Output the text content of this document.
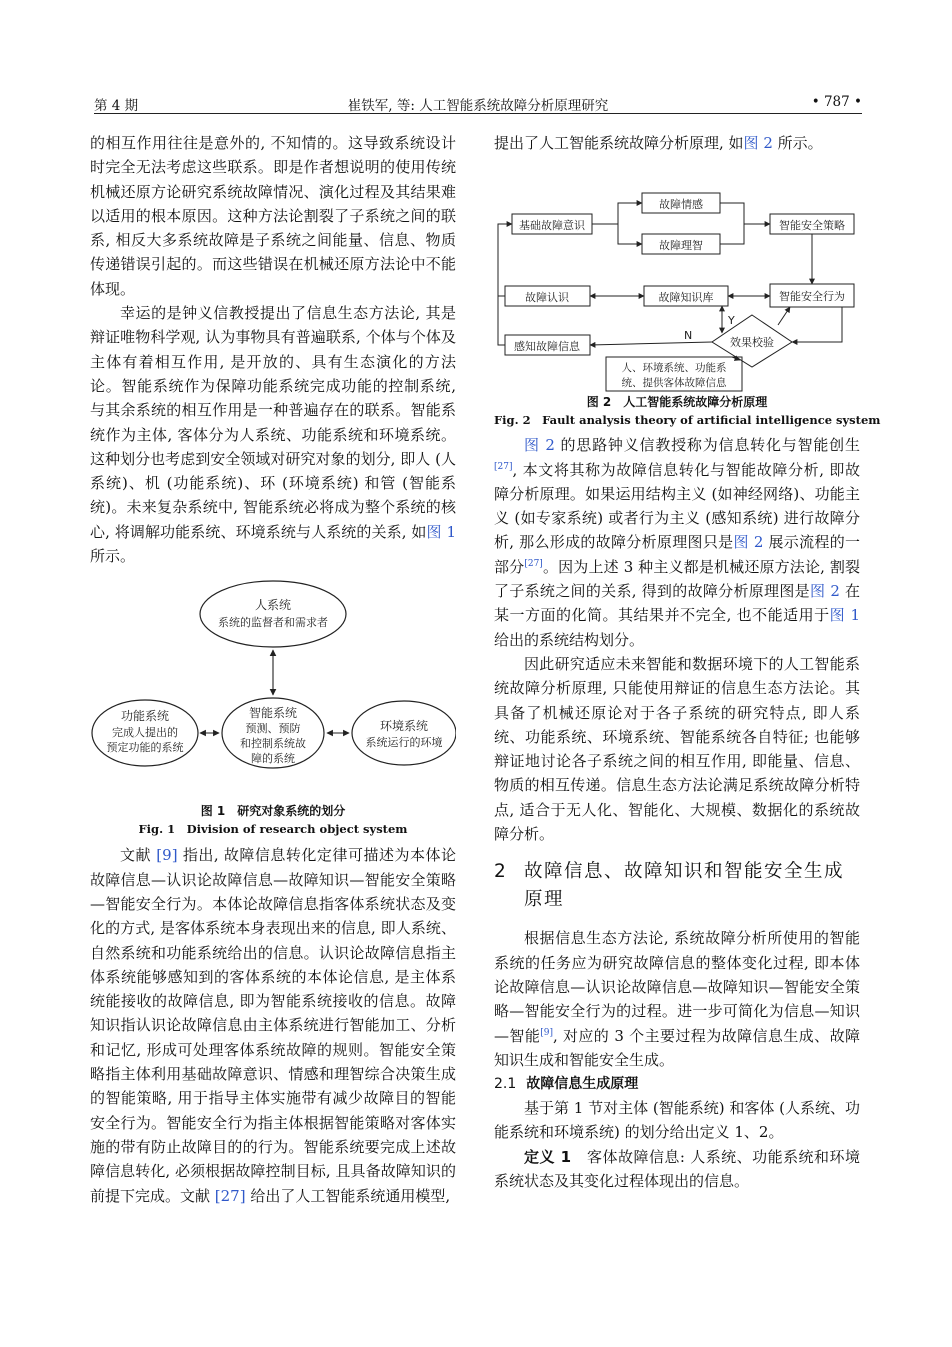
第 4 期	崔铁军, 等: 人工智能系统故障分析原理研究	• 787 •

的相互作用往往是意外的, 不知情的。这导致系统设计时完全无法考虑这些联系。即是作者想说明的使用传统机械还原方论研究系统故障情况、演化过程及其结果难以适用的根本原因。这种方法论割裂了子系统之间的联系, 相反大多系统故障是子系统之间能量、信息、物质传递错误引起的。而这些错误在机械还原方法论中不能体现。

幸运的是钟义信教授提出了信息生态方法论, 其是辩证唯物科学观, 认为事物具有普遍联系, 个体与个体及主体有着相互作用, 是开放的、具有生态演化的方法论。智能系统作为保障功能系统完成功能的控制系统, 与其余系统的相互作用是一种普遍存在的联系。智能系统作为主体, 客体分为人系统、功能系统和环境系统。这种划分也考虑到安全领域对研究对象的划分, 即人 (人系统)、机 (功能系统)、环 (环境系统) 和管 (智能系统)。未来复杂系统中, 智能系统必将成为整个系统的核心, 将调解功能系统、环境系统与人系统的关系, 如图 1 所示。

人系统
系统的监督者和需求者
功能系统
完成人提出的
预定功能的系统
智能系统
预测、预防
和控制系统故
障的系统
环境系统
系统运行的环境
图 1　研究对象系统的划分
Fig. 1　Division of research object system

文献 [9] 指出, 故障信息转化定律可描述为本体论故障信息—认识论故障信息—故障知识—智能安全策略—智能安全行为。本体论故障信息指客体系统状态及变化的方式, 是客体系统本身表现出来的信息, 即人系统、自然系统和功能系统给出的信息。认识论故障信息指主体系统能够感知到的客体系统的本体论信息, 是主体系统能接收的故障信息, 即为智能系统接收的信息。故障知识指认识论故障信息由主体系统进行智能加工、分析和记忆, 形成可处理客体系统故障的规则。智能安全策略指主体利用基础故障意识、情感和理智综合决策生成的智能策略, 用于指导主体实施带有减少故障目的智能安全行为。智能安全行为指主体根据智能策略对客体实施的带有防止故障目的的行为。智能系统要完成上述故障信息转化, 必须根据故障控制目标, 且具备故障知识的前提下完成。文献 [27] 给出了人工智能系统通用模型,

提出了人工智能系统故障分析原理, 如图 2 所示。

基础故障意识
故障情感
故障理智
智能安全策略
故障认识	故障知识库	智能安全行为
感知故障信息	效果校验
人、环境系统、功能系
统、提供客体故障信息
N
Y
图 2　人工智能系统故障分析原理
Fig. 2　Fault analysis theory of artificial intelligence system

图 2 的思路钟义信教授称为信息转化与智能创生[27], 本文将其称为故障信息转化与智能故障分析, 即故障分析原理。如果运用结构主义 (如神经网络)、功能主义 (如专家系统) 或者行为主义 (感知系统) 进行故障分析, 那么形成的故障分析原理图只是图 2 展示流程的一部分[27]。因为上述 3 种主义都是机械还原方法论, 割裂了子系统之间的关系, 得到的故障分析原理图是图 2 在某一方面的化简。其结果并不完全, 也不能适用于图 1 给出的系统结构划分。

因此研究适应未来智能和数据环境下的人工智能系统故障分析原理, 只能使用辩证的信息生态方法论。其具备了机械还原论对于各子系统的研究特点, 即人系统、功能系统、环境系统、智能系统各自特征; 也能够辩证地讨论各子系统之间的相互作用, 即能量、信息、物质的相互传递。信息生态方法论满足系统故障分析特点, 适合于无人化、智能化、大规模、数据化的系统故障分析。

2 故障信息、故障知识和智能安全生成原理

根据信息生态方法论, 系统故障分析所使用的智能系统的任务应为研究故障信息的整体变化过程, 即本体论故障信息—认识论故障信息—故障知识—智能安全策略—智能安全行为的过程。进一步可简化为信息—知识—智能[9], 对应的 3 个主要过程为故障信息生成、故障知识生成和智能安全生成。

2.1 故障信息生成原理

基于第 1 节对主体 (智能系统) 和客体 (人系统、功能系统和环境系统) 的划分给出定义 1、2。

定义 1　客体故障信息: 人系统、功能系统和环境系统状态及其变化过程体现出的信息。
